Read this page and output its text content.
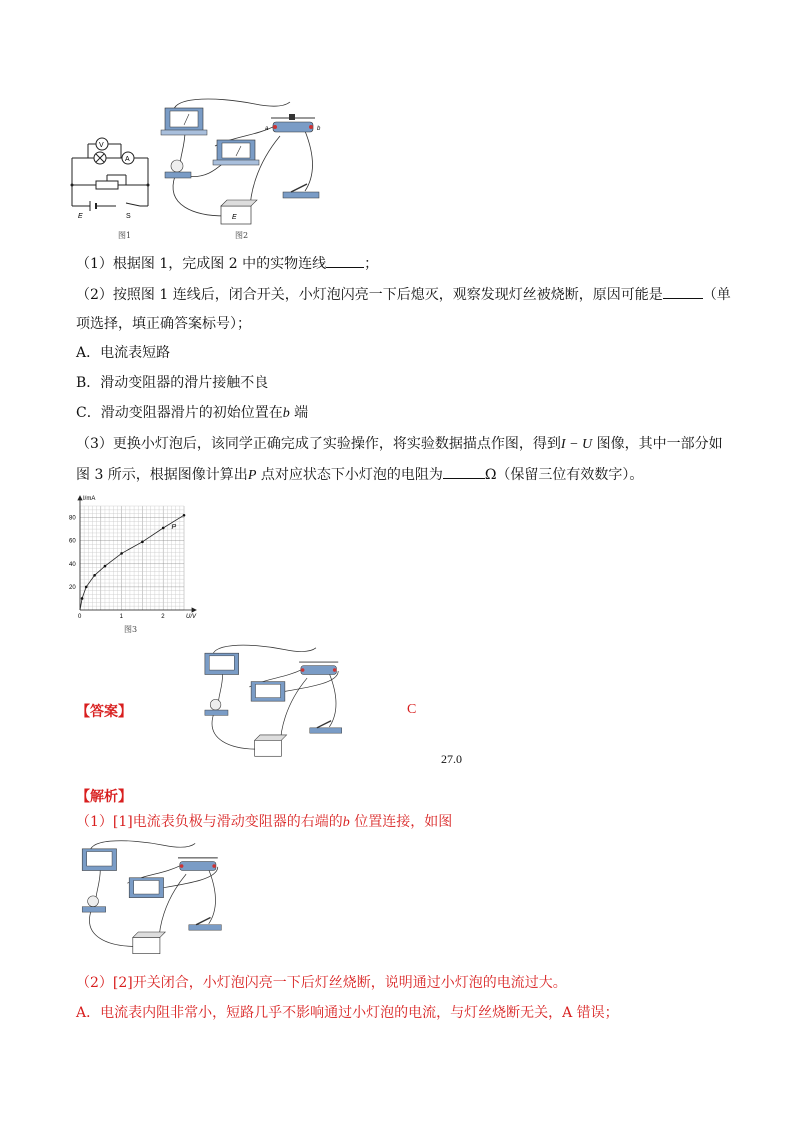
V
A
E	S
图1
a	b
E
图2
（1）根据图 1，完成图 2 中的实物连线	；
（2）按照图 1 连线后，闭合开关，小灯泡闪亮一下后熄灭，观察发现灯丝被烧断，原因可能是	（单
项选择，填正确答案标号）；
A．电流表短路
B．滑动变阻器的滑片接触不良
C．滑动变阻器滑片的初始位置在b 端
（3）更换小灯泡后，该同学正确完成了实验操作，将实验数据描点作图，得到I − U 图像，其中一部分如
图 3 所示，根据图像计算出P 点对应状态下小灯泡的电阻为	Ω（保留三位有效数字）。
0	1	2
20
40
60
80
I/mA
U/V
P
图3
【答案】	C
27.0
【解析】
（1）[1]电流表负极与滑动变阻器的右端的b 位置连接，如图
（2）[2]开关闭合，小灯泡闪亮一下后灯丝烧断，说明通过小灯泡的电流过大。
A．电流表内阻非常小，短路几乎不影响通过小灯泡的电流，与灯丝烧断无关，A 错误；
